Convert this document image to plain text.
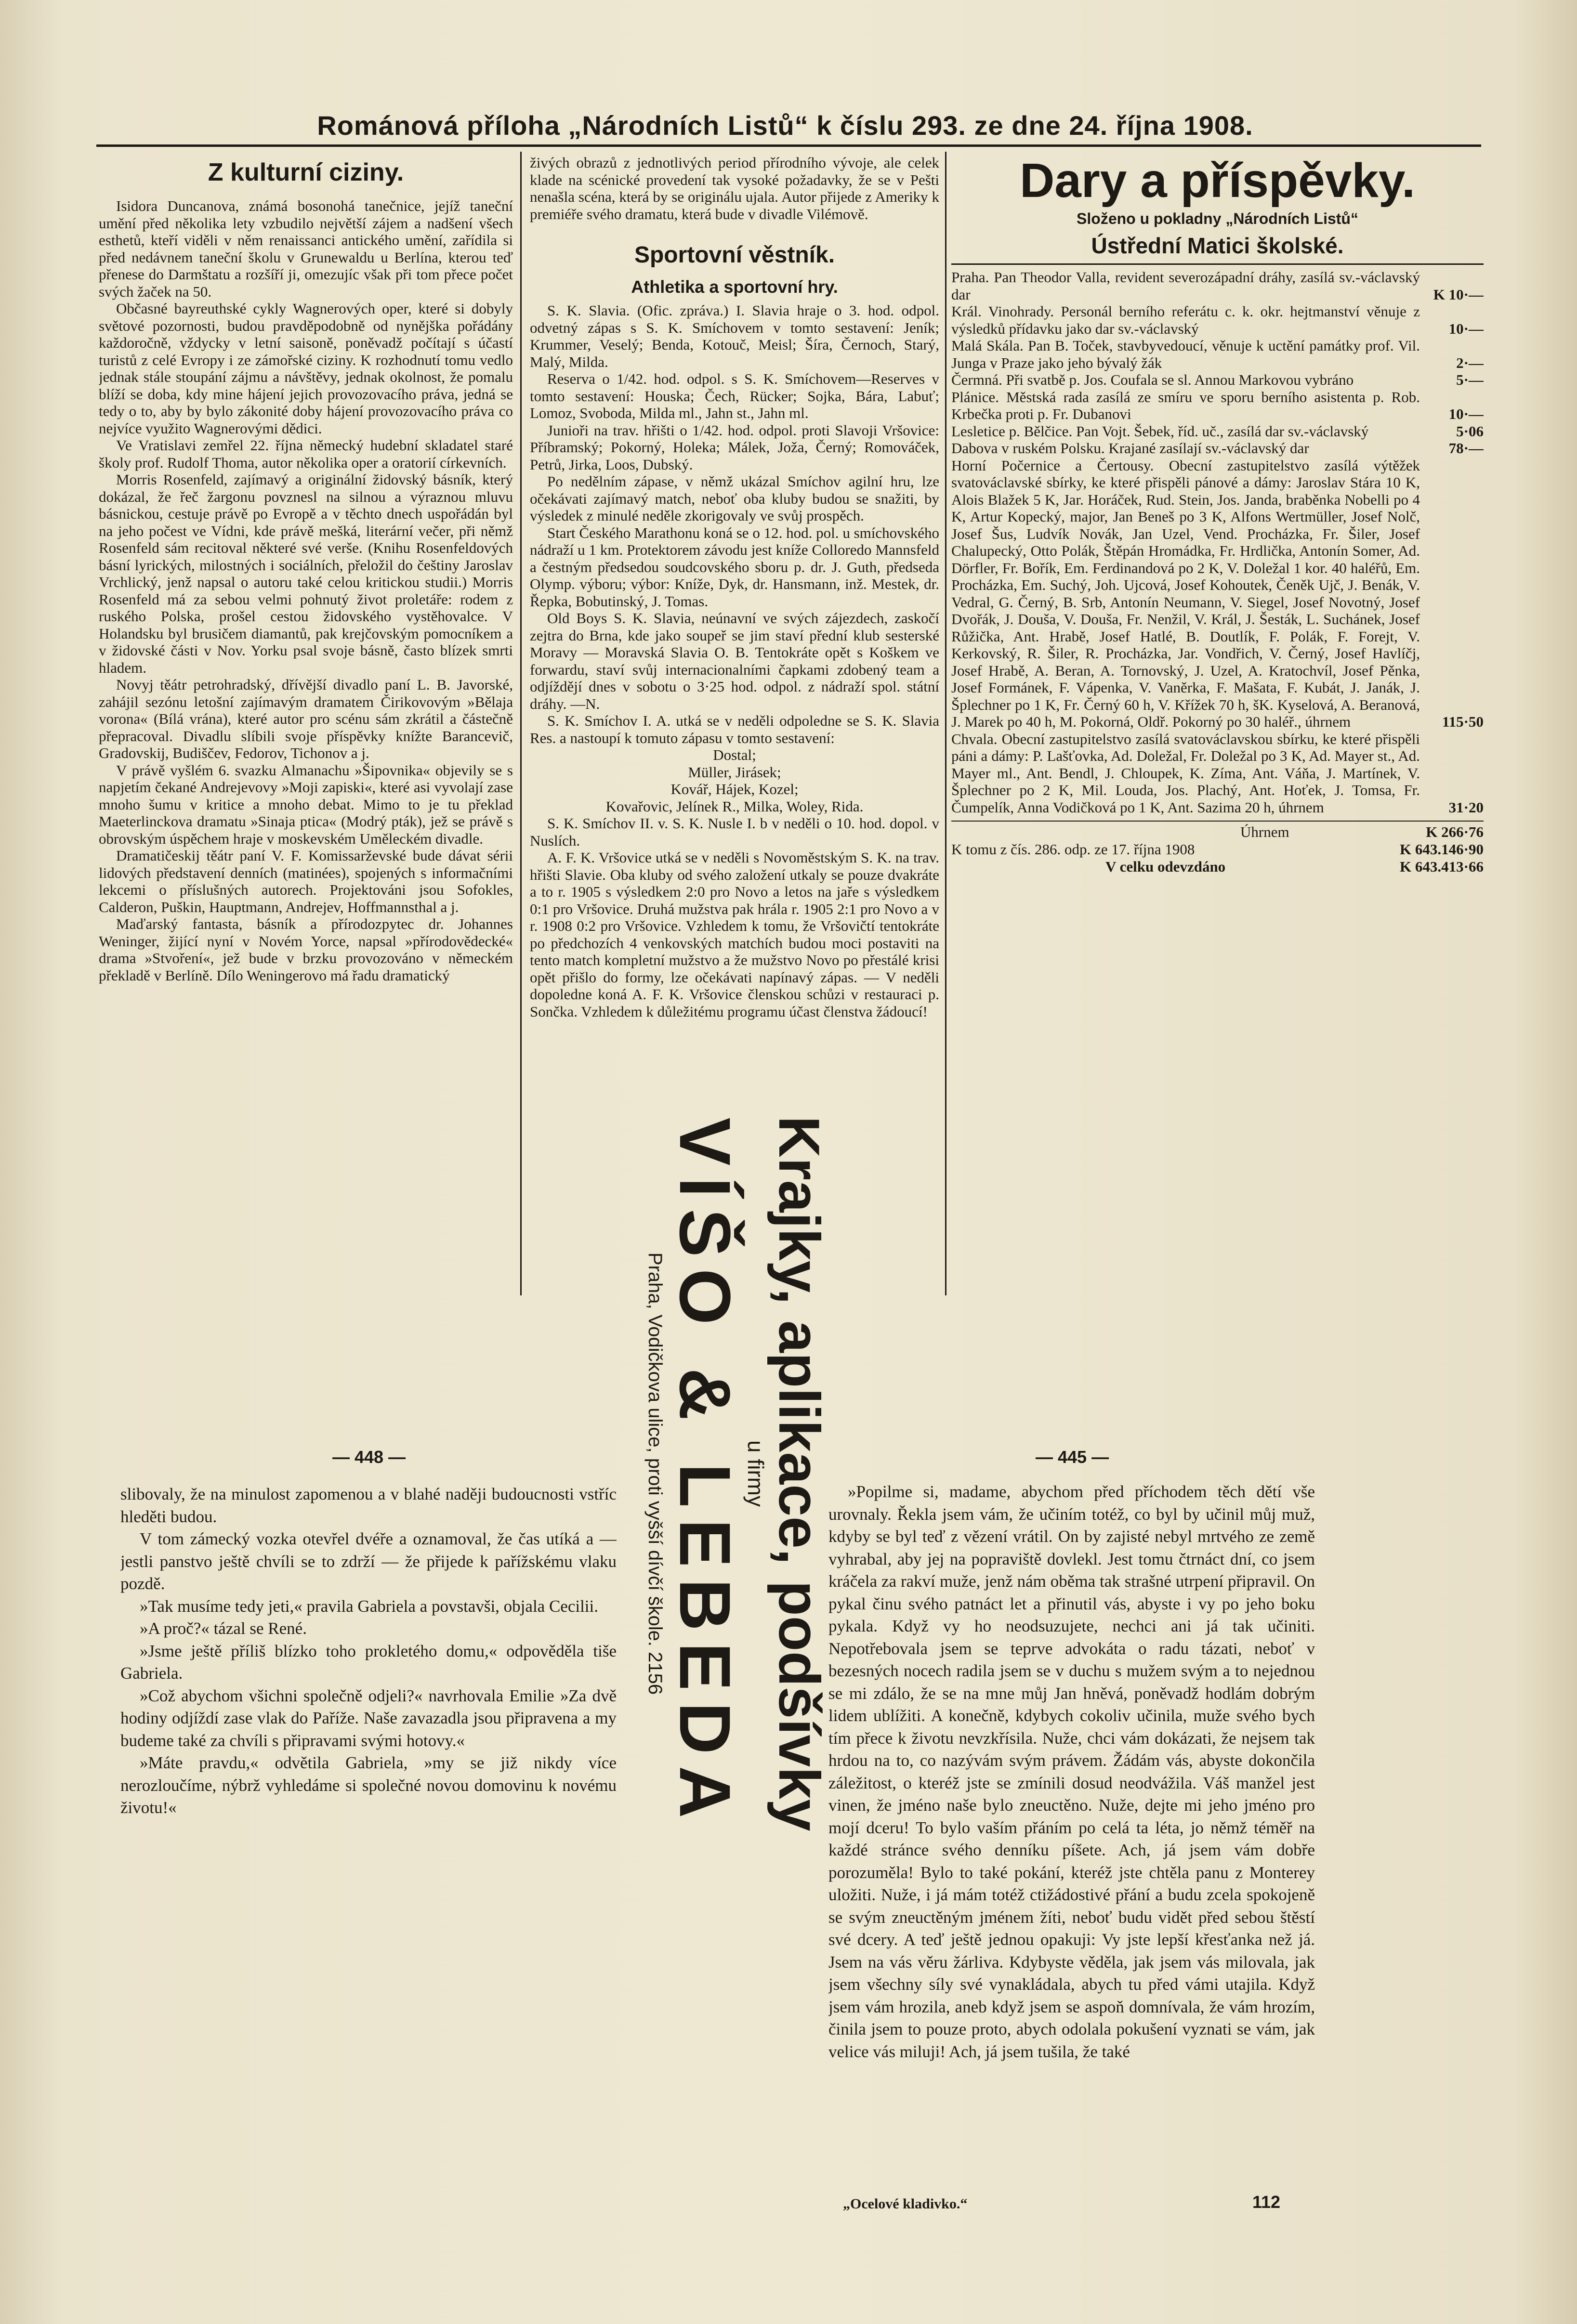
Románová příloha „Národních Listů“ k číslu 293. ze dne 24. října 1908.
Z kulturní ciziny.

Isidora Duncanova, známá bosonohá tanečnice, jejíž taneční umění před několika lety vzbudilo největší zájem a nadšení všech esthetů, kteří viděli v něm renaissanci antického umění, zařídila si před nedávnem taneční školu v Grunewaldu u Berlína, kterou teď přenese do Darmštatu a rozšíří ji, omezujíc však při tom přece počet svých žaček na 50.

Občasné bayreuthské cykly Wagnerových oper, které si dobyly světové pozornosti, budou pravděpodobně od nynějška pořádány každoročně, vždycky v letní saisoně, poněvadž počítají s účastí turistů z celé Evropy i ze zámořské ciziny. K rozhodnutí tomu vedlo jednak stále stoupání zájmu a návštěvy, jednak okolnost, že pomalu blíží se doba, kdy mine hájení jejich provozovacího práva, jedná se tedy o to, aby by bylo zákonité doby hájení provozovacího práva co nejvíce využito Wagnerovými dědici.

Ve Vratislavi zemřel 22. října německý hudební skladatel staré školy prof. Rudolf Thoma, autor několika oper a oratorií církevních.

Morris Rosenfeld, zajímavý a originální židovský básník, který dokázal, že řeč žargonu povznesl na silnou a výraznou mluvu básnickou, cestuje právě po Evropě a v těchto dnech uspořádán byl na jeho počest ve Vídni, kde právě mešká, literární večer, při němž Rosenfeld sám recitoval některé své verše. (Knihu Rosenfeldových básní lyrických, milostných i sociálních, přeložil do češtiny Jaroslav Vrchlický, jenž napsal o autoru také celou kritickou studii.) Morris Rosenfeld má za sebou velmi pohnutý život proletáře: rodem z ruského Polska, prošel cestou židovského vystěhovalce. V Holandsku byl brusičem diamantů, pak krejčovským pomocníkem a v židovské části v Nov. Yorku psal svoje básně, často blízek smrti hladem.

Novyj těátr petrohradský, dřívější divadlo paní L. B. Javorské, zahájil sezónu letošní zajímavým dramatem Čirikovovým »Bělaja vorona« (Bílá vrána), které autor pro scénu sám zkrátil a částečně přepracoval. Divadlu slíbili svoje příspěvky knížte Barancevič, Gradovskij, Budiščev, Fedorov, Tichonov a j.

V právě vyšlém 6. svazku Almanachu »Šipovnika« objevily se s napjetím čekané Andrejevovy »Moji zapiski«, které asi vyvolají zase mnoho šumu v kritice a mnoho debat. Mimo to je tu překlad Maeterlinckova dramatu »Sinaja ptica« (Modrý pták), jež se právě s obrovským úspěchem hraje v moskevském Uměleckém divadle.

Dramatičeskij těátr paní V. F. Komissarževské bude dávat sérii lidových představení denních (matinées), spojených s informačními lekcemi o příslušných autorech. Projektováni jsou Sofokles, Calderon, Puškin, Hauptmann, Andrejev, Hoffmannsthal a j.

Maďarský fantasta, básník a přírodozpytec dr. Johannes Weninger, žijící nyní v Novém Yorce, napsal »přírodovědecké« drama »Stvoření«, jež bude v brzku provozováno v německém překladě v Berlíně. Dílo Weningerovo má řadu dramatický

živých obrazů z jednotlivých period přírodního vývoje, ale celek klade na scénické provedení tak vysoké požadavky, že se v Pešti nenašla scéna, která by se originálu ujala. Autor přijede z Ameriky k premiéře svého dramatu, která bude v divadle Vilémově.

Sportovní věstník.
Athletika a sportovní hry.

S. K. Slavia. (Ofic. zpráva.) I. Slavia hraje o 3. hod. odpol. odvetný zápas s S. K. Smíchovem v tomto sestavení: Jeník; Krummer, Veselý; Benda, Kotouč, Meisl; Šíra, Černoch, Starý, Malý, Milda.

Reserva o 1/42. hod. odpol. s S. K. Smíchovem—Reserves v tomto sestavení: Houska; Čech, Rücker; Sojka, Bára, Labuť; Lomoz, Svoboda, Milda ml., Jahn st., Jahn ml.

Junioři na trav. hřišti o 1/42. hod. odpol. proti Slavoji Vršovice: Příbramský; Pokorný, Holeka; Málek, Joža, Černý; Romováček, Petrů, Jirka, Loos, Dubský.

Po nedělním zápase, v němž ukázal Smíchov agilní hru, lze očekávati zajímavý match, neboť oba kluby budou se snažiti, by výsledek z minulé neděle zkorigovaly ve svůj prospěch.

Start Českého Marathonu koná se o 12. hod. pol. u smíchovského nádraží u 1 km. Protektorem závodu jest kníže Colloredo Mannsfeld a čestným předsedou soudcovského sboru p. dr. J. Guth, předseda Olymp. výboru; výbor: Kníže, Dyk, dr. Hansmann, inž. Mestek, dr. Řepka, Bobutinský, J. Tomas.

Old Boys S. K. Slavia, neúnavní ve svých zájezdech, zaskočí zejtra do Brna, kde jako soupeř se jim staví přední klub sesterské Moravy — Moravská Slavia O. B. Tentokráte opět s Koškem ve forwardu, staví svůj internacionalními čapkami zdobený team a odjíždějí dnes v sobotu o 3·25 hod. odpol. z nádraží spol. státní dráhy. —N.

S. K. Smíchov I. A. utká se v neděli odpoledne se S. K. Slavia Res. a nastoupí k tomuto zápasu v tomto sestavení:

Dostal;
Müller, Jirásek;
Kovář, Hájek, Kozel;
Kovařovic, Jelínek R., Milka, Woley, Rida.

S. K. Smíchov II. v. S. K. Nusle I. b v neděli o 10. hod. dopol. v Nuslích.

A. F. K. Vršovice utká se v neděli s Novoměstským S. K. na trav. hřišti Slavie. Oba kluby od svého založení utkaly se pouze dvakráte a to r. 1905 s výsledkem 2:0 pro Novo a letos na jaře s výsledkem 0:1 pro Vršovice. Druhá mužstva pak hrála r. 1905 2:1 pro Novo a v r. 1908 0:2 pro Vršovice. Vzhledem k tomu, že Vršovičtí tentokráte po předchozích 4 venkovských matchích budou moci postaviti na tento match kompletní mužstvo a že mužstvo Novo po přestálé krisi opět přišlo do formy, lze očekávati napínavý zápas. — V neděli dopoledne koná A. F. K. Vršovice členskou schůzi v restauraci p. Sončka. Vzhledem k důležitému programu účast členstva žádoucí!

Dary a příspěvky.
Složeno u pokladny „Národních Listů“
Ústřední Matici školské.
Praha. Pan Theodor Valla, revident severozápadní dráhy, zasílá sv.-václavský dar	K 10·—
Král. Vinohrady. Personál berního referátu c. k. okr. hejtmanství věnuje z výsledků přídavku jako dar sv.-václavský	10·—
Malá Skála. Pan B. Toček, stavbyvedoucí, věnuje k uctění památky prof. Vil. Junga v Praze jako jeho bývalý žák	2·—
Čermná. Při svatbě p. Jos. Coufala se sl. Annou Markovou vybráno	5·—
Plánice. Městská rada zasílá ze smíru ve sporu berního asistenta p. Rob. Krbečka proti p. Fr. Dubanovi	10·—
Lesletice p. Bělčice. Pan Vojt. Šebek, říd. uč., zasílá dar sv.-václavský	5·06
Dabova v ruském Polsku. Krajané zasílají sv.-václavský dar	78·—
Horní Počernice a Čertousy. Obecní zastupitelstvo zasílá výtěžek svatováclavské sbírky, ke které přispěli pánové a dámy: Jaroslav Stára 10 K, Alois Blažek 5 K, Jar. Horáček, Rud. Stein, Jos. Janda, braběnka Nobelli po 4 K, Artur Kopecký, major, Jan Beneš po 3 K, Alfons Wertmüller, Josef Nolč, Josef Šus, Ludvík Novák, Jan Uzel, Vend. Procházka, Fr. Šiler, Josef Chalupecký, Otto Polák, Štěpán Hromádka, Fr. Hrdlička, Antonín Somer, Ad. Dörfler, Fr. Bořík, Em. Ferdinandová po 2 K, V. Doležal 1 kor. 40 haléřů, Em. Procházka, Em. Suchý, Joh. Ujcová, Josef Kohoutek, Čeněk Ujč, J. Benák, V. Vedral, G. Černý, B. Srb, Antonín Neumann, V. Siegel, Josef Novotný, Josef Dvořák, J. Douša, V. Douša, Fr. Nenžil, V. Král, J. Šesták, L. Suchánek, Josef Růžička, Ant. Hrabě, Josef Hatlé, B. Doutlík, F. Polák, F. Forejt, V. Kerkovský, R. Šiler, R. Procházka, Jar. Vondřich, V. Černý, Josef Havlíčj, Josef Hrabě, A. Beran, A. Tornovský, J. Uzel, A. Kratochvíl, Josef Pěnka, Josef Formánek, F. Vápenka, V. Vaněrka, F. Mašata, F. Kubát, J. Janák, J. Šplechner po 1 K, Fr. Černý 60 h, V. Křížek 70 h, šK. Kyselová, A. Beranová, J. Marek po 40 h, M. Pokorná, Oldř. Pokorný po 30 haléř., úhrnem	115·50
Chvala. Obecní zastupitelstvo zasílá svatováclavskou sbírku, ke které přispěli páni a dámy: P. Lašťovka, Ad. Doležal, Fr. Doležal po 3 K, Ad. Mayer st., Ad. Mayer ml., Ant. Bendl, J. Chloupek, K. Zíma, Ant. Váňa, J. Martínek, V. Šplechner po 2 K, Mil. Louda, Jos. Plachý, Ant. Hoťek, J. Tomsa, Fr. Čumpelík, Anna Vodičková po 1 K, Ant. Sazima 20 h, úhrnem	31·20
Úhrnem	K 266·76
K tomu z čís. 286. odp. ze 17. října 1908	K 643.146·90
V celku odevzdáno	K 643.413·66
— 448 —

slibovaly, že na minulost zapomenou a v blahé naději budoucnosti vstříc hleděti budou.

V tom zámecký vozka otevřel dvéře a oznamoval, že čas utíká a — jestli panstvo ještě chvíli se to zdrží — že přijede k pařížskému vlaku pozdě.

»Tak musíme tedy jeti,« pravila Gabriela a povstavši, objala Cecilii.

»A proč?« tázal se René.

»Jsme ještě příliš blízko toho prokletého domu,« odpověděla tiše Gabriela.

»Což abychom všichni společně odjeli?« navrhovala Emilie »Za dvě hodiny odjíždí zase vlak do Paříže. Naše zavazadla jsou připravena a my budeme také za chvíli s připravami svými hotovy.«

»Máte pravdu,« odvětila Gabriela, »my se již nikdy více nerozloučíme, nýbrž vyhledáme si společné novou domovinu k novému životu!«	Krajky, aplikace, podšívky
u firmy
VÍŠO & LEBEDA
Praha, Vodičkova ulice, proti vyšší dívčí škole. 2156
— 445 —

»Popilme si, madame, abychom před příchodem těch dětí vše urovnaly. Řekla jsem vám, že učiním totéž, co byl by učinil můj muž, kdyby se byl teď z vězení vrátil. On by zajisté nebyl mrtvého ze země vyhrabal, aby jej na popraviště dovlekl. Jest tomu čtrnáct dní, co jsem kráčela za rakví muže, jenž nám oběma tak strašné utrpení připravil. On pykal činu svého patnáct let a přinutil vás, abyste i vy po jeho boku pykala. Když vy ho neodsuzujete, nechci ani já tak učiniti. Nepotřebovala jsem se teprve advokáta o radu tázati, neboť v bezesných nocech radila jsem se v duchu s mužem svým a to nejednou se mi zdálo, že se na mne můj Jan hněvá, poněvadž hodlám dobrým lidem ublížiti. A konečně, kdybych cokoliv učinila, muže svého bych tím přece k životu nevzkřísila. Nuže, chci vám dokázati, že nejsem tak hrdou na to, co nazývám svým právem. Žádám vás, abyste dokončila záležitost, o kteréž jste se zmínili dosud neodvážila. Váš manžel jest vinen, že jméno naše bylo zneuctěno. Nuže, dejte mi jeho jméno pro mojí dceru! To bylo vaším přáním po celá ta léta, jo němž téměř na každé stránce svého denníku píšete. Ach, já jsem vám dobře porozuměla! Bylo to také pokání, kteréž jste chtěla panu z Monterey uložiti. Nuže, i já mám totéž ctižádostivé přání a budu zcela spokojeně se svým zneuctěným jménem žíti, neboť budu vidět před sebou štěstí své dcery. A teď ještě jednou opakuji: Vy jste lepší křesťanka než já. Jsem na vás věru žárliva. Kdybyste věděla, jak jsem vás milovala, jak jsem všechny síly své vynakládala, abych tu před vámi utajila. Když jsem vám hrozila, aneb když jsem se aspoň domnívala, že vám hrozím, činila jsem to pouze proto, abych odolala pokušení vyznati se vám, jak velice vás miluji! Ach, já jsem tušila, že také

„Ocelové kladivko.“	112
